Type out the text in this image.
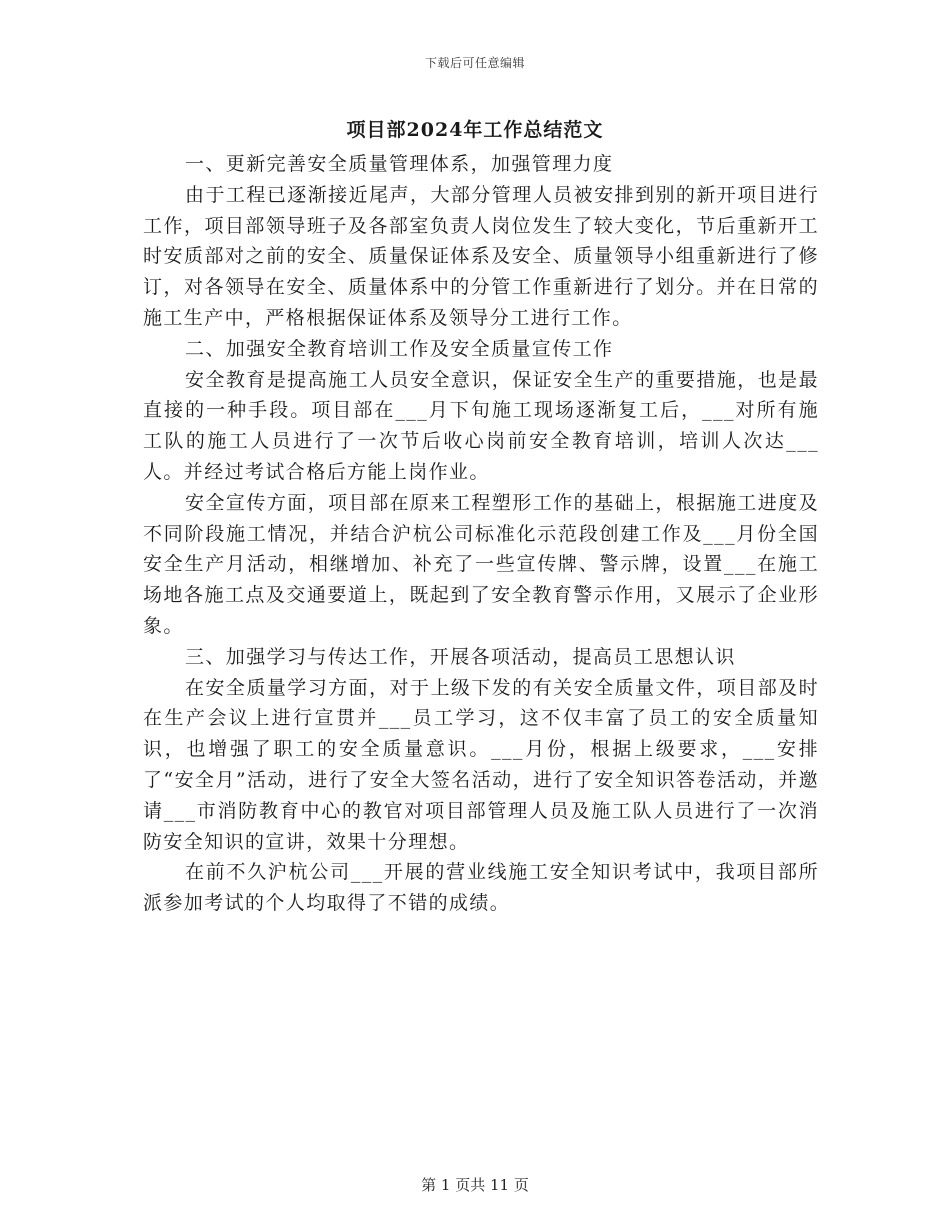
下载后可任意编辑
项目部2024年工作总结范文

一、更新完善安全质量管理体系，加强管理力度

由于工程已逐渐接近尾声，大部分管理人员被安排到别的新开项目进行工作，项目部领导班子及各部室负责人岗位发生了较大变化，节后重新开工时安质部对之前的安全、质量保证体系及安全、质量领导小组重新进行了修订，对各领导在安全、质量体系中的分管工作重新进行了划分。并在日常的施工生产中，严格根据保证体系及领导分工进行工作。

二、加强安全教育培训工作及安全质量宣传工作

安全教育是提高施工人员安全意识，保证安全生产的重要措施，也是最直接的一种手段。项目部在___月下旬施工现场逐渐复工后，___对所有施工队的施工人员进行了一次节后收心岗前安全教育培训，培训人次达___人。并经过考试合格后方能上岗作业。

安全宣传方面，项目部在原来工程塑形工作的基础上，根据施工进度及不同阶段施工情况，并结合沪杭公司标准化示范段创建工作及___月份全国安全生产月活动，相继增加、补充了一些宣传牌、警示牌，设置___在施工场地各施工点及交通要道上，既起到了安全教育警示作用，又展示了企业形象。

三、加强学习与传达工作，开展各项活动，提高员工思想认识

在安全质量学习方面，对于上级下发的有关安全质量文件，项目部及时在生产会议上进行宣贯并___员工学习，这不仅丰富了员工的安全质量知识，也增强了职工的安全质量意识。___月份，根据上级要求，___安排了“安全月”活动，进行了安全大签名活动，进行了安全知识答卷活动，并邀请___市消防教育中心的教官对项目部管理人员及施工队人员进行了一次消防安全知识的宣讲，效果十分理想。

在前不久沪杭公司___开展的营业线施工安全知识考试中，我项目部所派参加考试的个人均取得了不错的成绩。

第 1 页共 11 页
